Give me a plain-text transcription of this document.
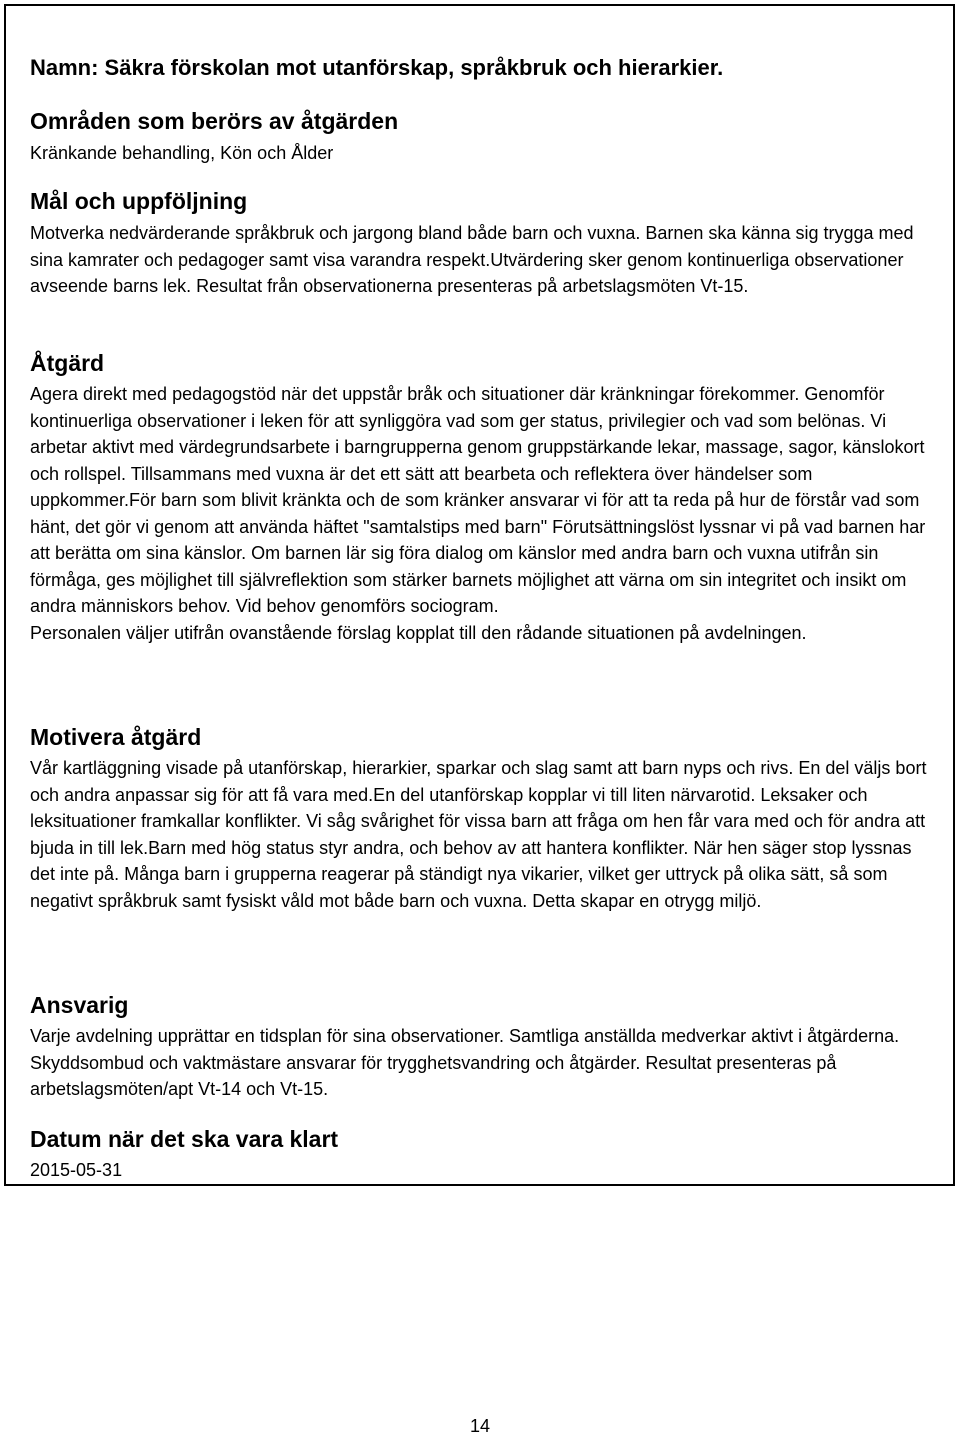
Namn: Säkra förskolan mot utanförskap, språkbruk och hierarkier.
Områden som berörs av åtgärden

Kränkande behandling, Kön och Ålder

Mål och uppföljning

Motverka nedvärderande språkbruk och jargong bland både barn och vuxna. Barnen ska känna sig trygga med sina kamrater och pedagoger samt visa varandra respekt.Utvärdering sker genom kontinuerliga observationer avseende barns lek. Resultat från observationerna presenteras på arbetslagsmöten Vt-15.

Åtgärd

Agera direkt med pedagogstöd när det uppstår bråk och situationer där kränkningar förekommer. Genomför kontinuerliga observationer i leken för att synliggöra vad som ger status, privilegier och vad som belönas. Vi arbetar aktivt med värdegrundsarbete i barngrupperna genom gruppstärkande lekar, massage, sagor, känslokort och rollspel. Tillsammans med vuxna är det ett sätt att bearbeta och reflektera över händelser som uppkommer.För barn som blivit kränkta och de som kränker ansvarar vi för att ta reda på hur de förstår vad som hänt, det gör vi genom att använda häftet "samtalstips med barn" Förutsättningslöst lyssnar vi på vad barnen har att berätta om sina känslor. Om barnen lär sig föra dialog om känslor med andra barn och vuxna utifrån sin förmåga, ges möjlighet till självreflektion som stärker barnets möjlighet att värna om sin integritet och insikt om andra människors behov. Vid behov genomförs sociogram.

Personalen väljer utifrån ovanstående förslag kopplat till den rådande situationen på avdelningen.

Motivera åtgärd

Vår kartläggning visade på utanförskap, hierarkier, sparkar och slag samt att barn nyps och rivs. En del väljs bort och andra anpassar sig för att få vara med.En del utanförskap kopplar vi till liten närvarotid. Leksaker och leksituationer framkallar konflikter. Vi såg svårighet för vissa barn att fråga om hen får vara med och för andra att bjuda in till lek.Barn med hög status styr andra, och behov av att hantera konflikter. När hen säger stop lyssnas det inte på. Många barn i grupperna reagerar på ständigt nya vikarier, vilket ger uttryck på olika sätt, så som negativt språkbruk samt fysiskt våld mot både barn och vuxna. Detta skapar en otrygg miljö.

Ansvarig

Varje avdelning upprättar en tidsplan för sina observationer. Samtliga anställda medverkar aktivt i åtgärderna. Skyddsombud och vaktmästare ansvarar för trygghetsvandring och åtgärder. Resultat presenteras på arbetslagsmöten/apt Vt-14 och Vt-15.

Datum när det ska vara klart

2015-05-31

14
